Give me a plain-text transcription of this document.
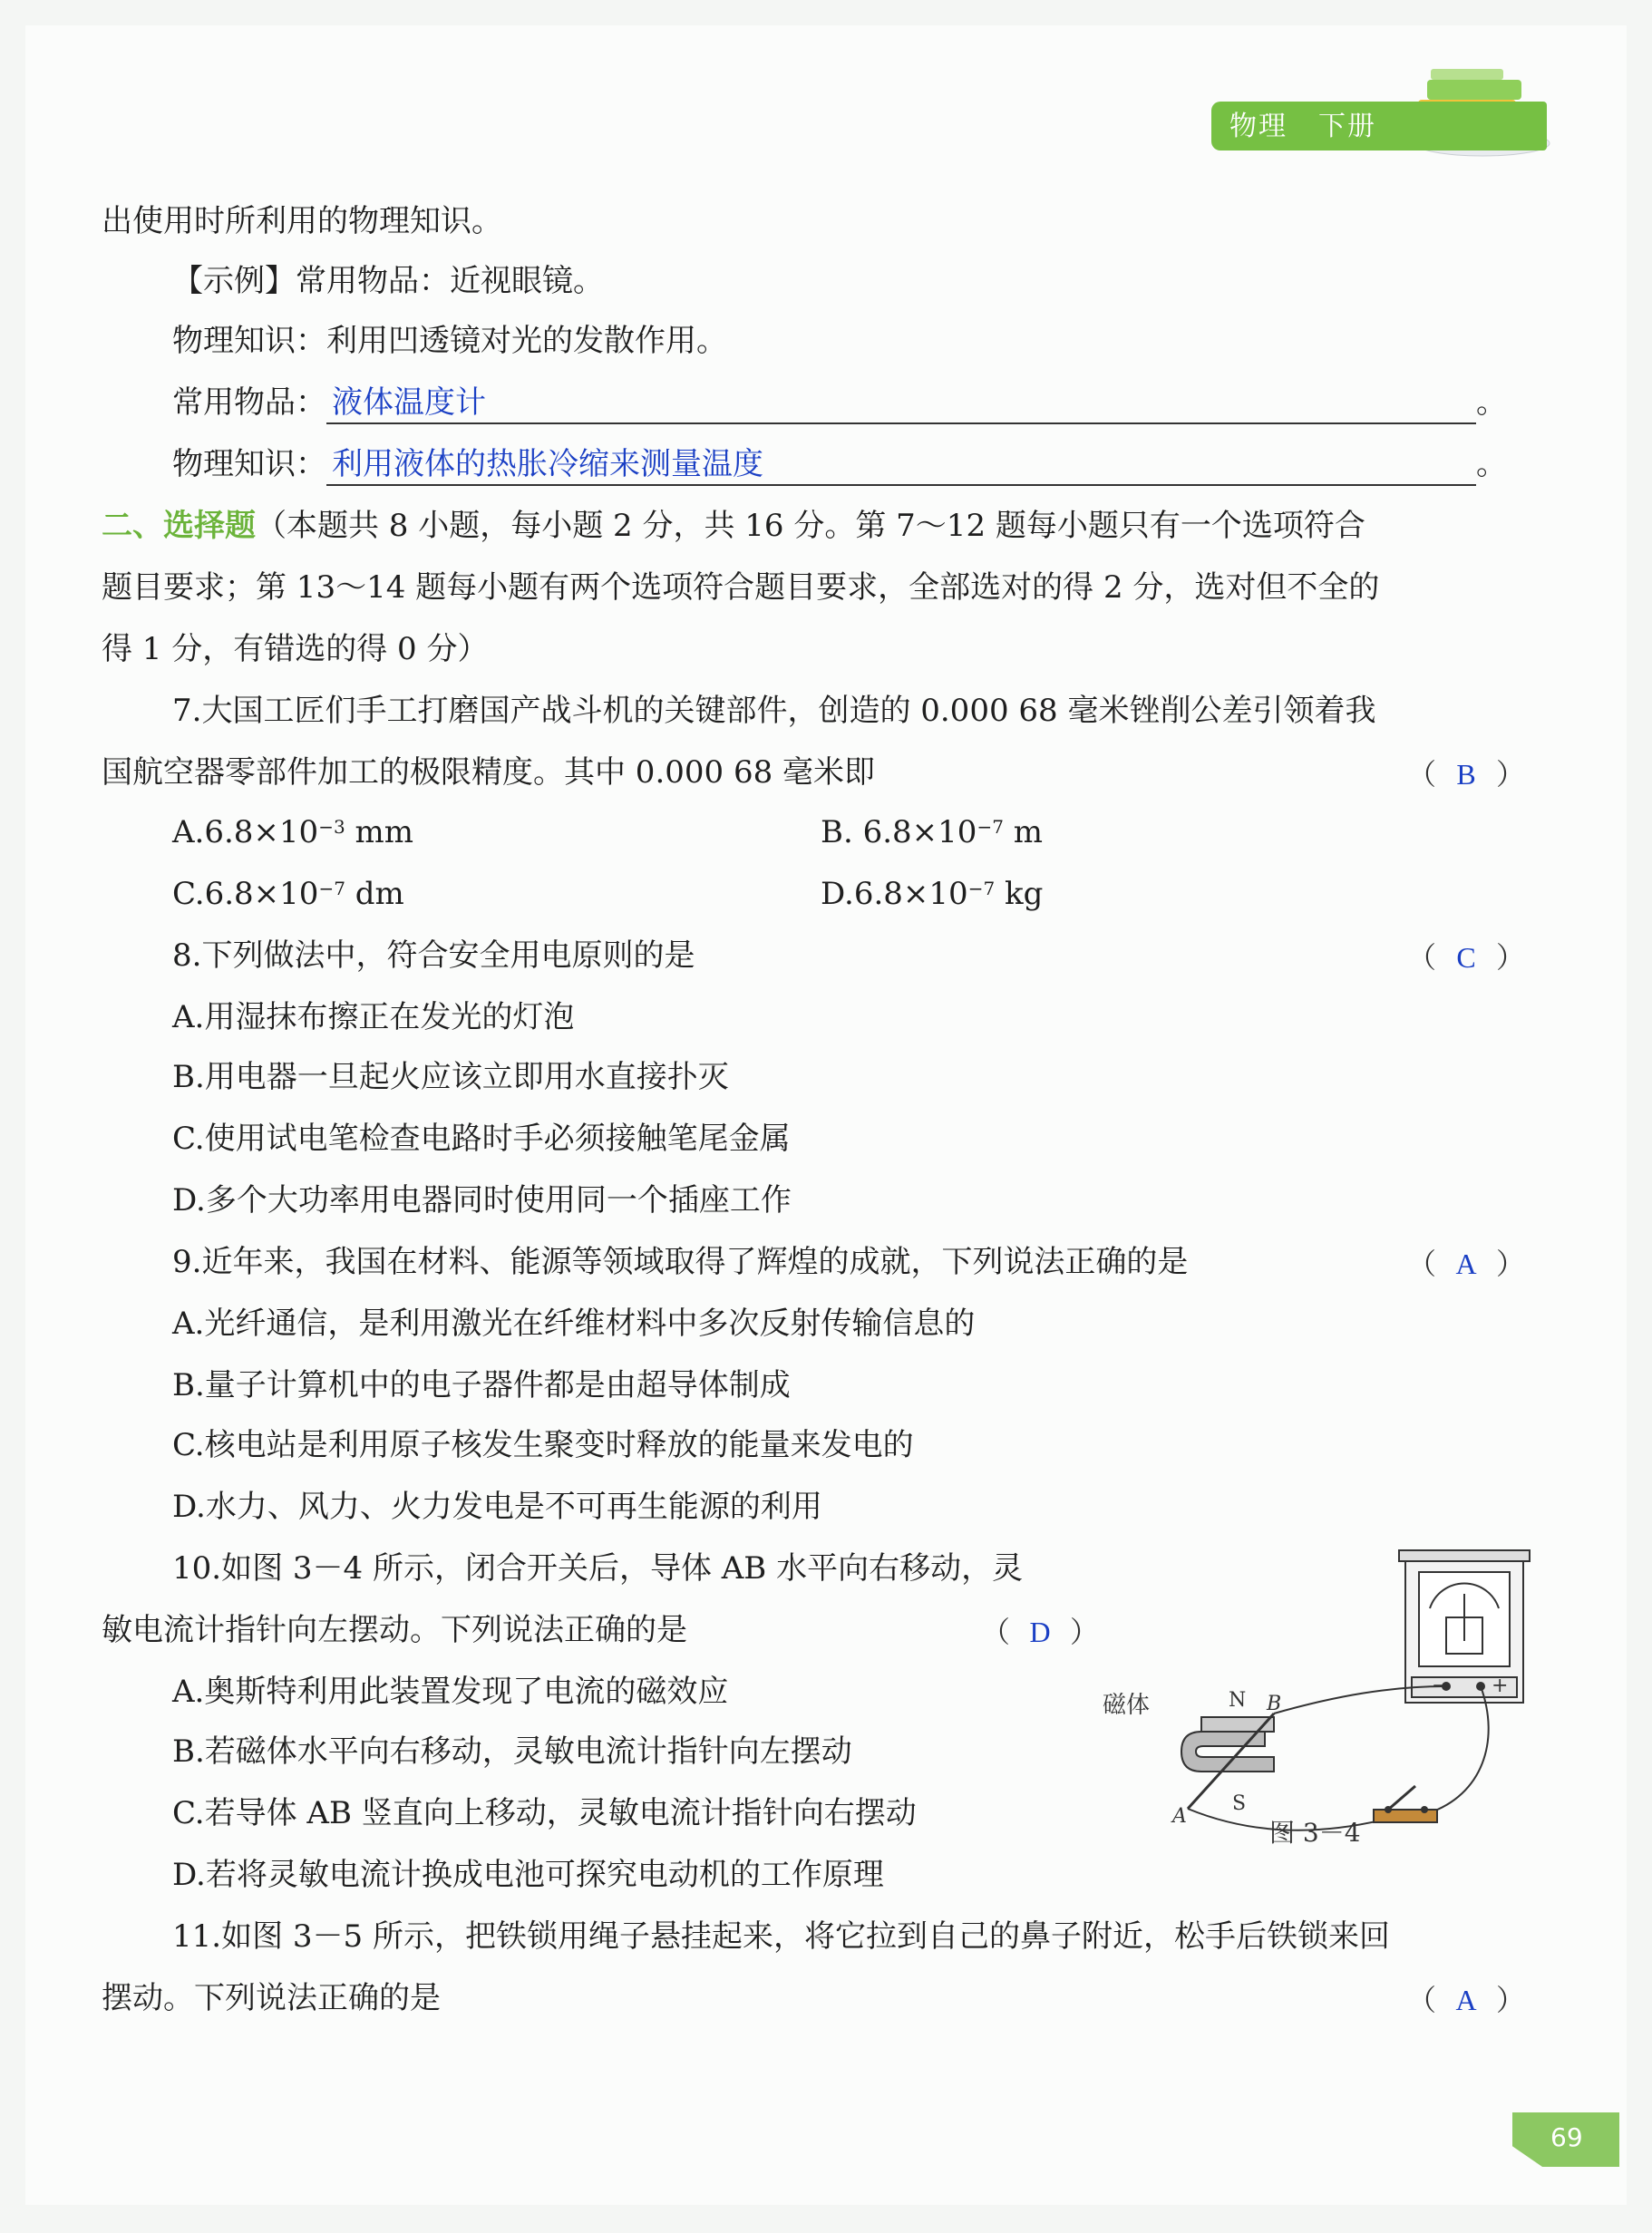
物理 下册
出使用时所利用的物理知识。
【示例】常用物品：近视眼镜。
物理知识：利用凹透镜对光的发散作用。
常用物品： 液体温度计	。
物理知识： 利用液体的热胀冷缩来测量温度	。
二、选择题（本题共 8 小题，每小题 2 分，共 16 分。第 7～12 题每小题只有一个选项符合
题目要求；第 13～14 题每小题有两个选项符合题目要求，全部选对的得 2 分，选对但不全的
得 1 分，有错选的得 0 分）
7.大国工匠们手工打磨国产战斗机的关键部件，创造的 0.000 68 毫米锉削公差引领着我
国航空器零部件加工的极限精度。其中 0.000 68 毫米即	（ B ）
$A.6.8\times 10^{-3}$ mm	B. $6.8\times 10^{-7}$ m
$C.6.8\times 10^{-7}$ dm	$D.6.8\times 10^{-7}$ kg
8.下列做法中，符合安全用电原则的是	（ C ）
A.用湿抹布擦正在发光的灯泡
B.用电器一旦起火应该立即用水直接扑灭
C.使用试电笔检查电路时手必须接触笔尾金属
D.多个大功率用电器同时使用同一个插座工作
9.近年来，我国在材料、能源等领域取得了辉煌的成就，下列说法正确的是	（ A ）
A.光纤通信，是利用激光在纤维材料中多次反射传输信息的
B.量子计算机中的电子器件都是由超导体制成
C.核电站是利用原子核发生聚变时释放的能量来发电的
D.水力、风力、火力发电是不可再生能源的利用
10.如图 3－4 所示，闭合开关后，导体 AB 水平向右移动，灵
敏电流计指针向左摆动。下列说法正确的是	（ D ）
A.奥斯特利用此装置发现了电流的磁效应
B.若磁体水平向右移动，灵敏电流计指针向左摆动
C.若导体 AB 竖直向上移动，灵敏电流计指针向右摆动
D.若将灵敏电流计换成电池可探究电动机的工作原理
− +
N B
S
A
磁体
图 3－4
11.如图 3－5 所示，把铁锁用绳子悬挂起来，将它拉到自己的鼻子附近，松手后铁锁来回
摆动。下列说法正确的是	（ A ）
69
